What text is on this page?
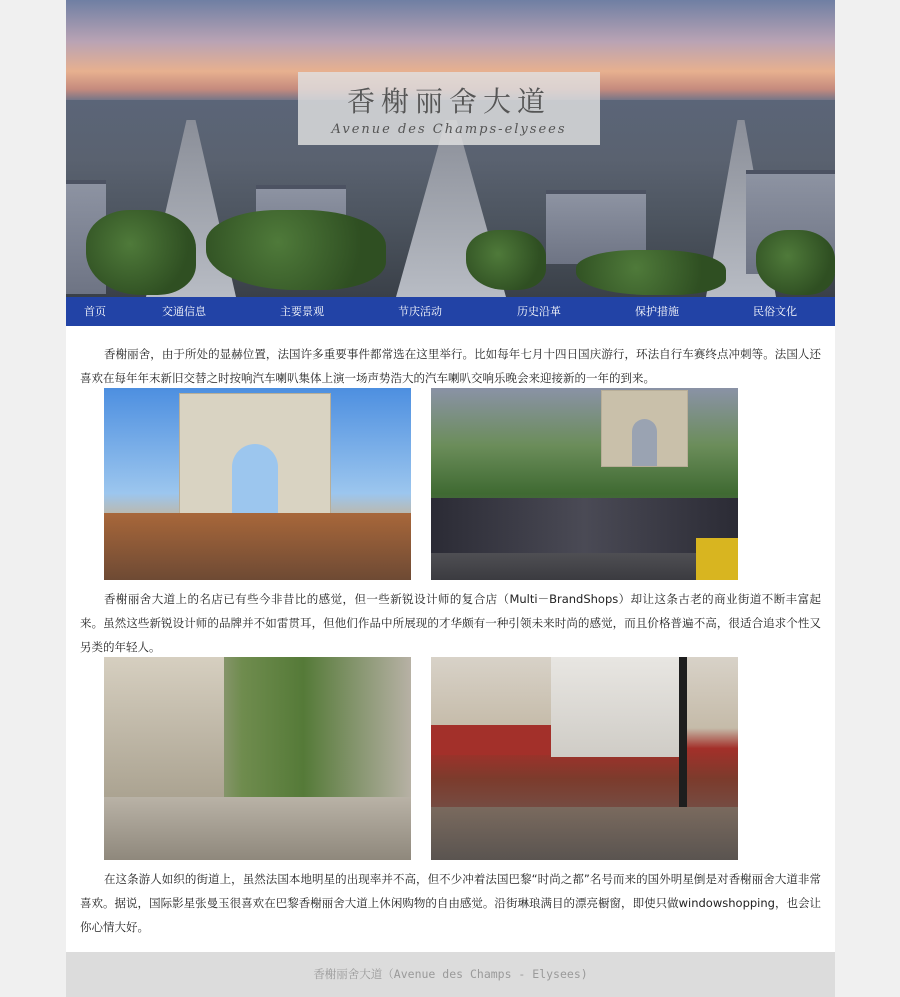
香榭丽舍大道
Avenue des Champs-elysees
首页	交通信息	主要景观	节庆活动	历史沿革	保护措施	民俗文化

香榭丽舍，由于所处的显赫位置，法国许多重要事件都常选在这里举行。比如每年七月十四日国庆游行，环法自行车赛终点冲刺等。法国人还喜欢在每年年末新旧交替之时按响汽车喇叭集体上演一场声势浩大的汽车喇叭交响乐晚会来迎接新的一年的到来。

香榭丽舍大道上的名店已有些今非昔比的感觉，但一些新锐设计师的复合店（Multi－BrandShops）却让这条古老的商业街道不断丰富起来。虽然这些新锐设计师的品牌并不如雷贯耳，但他们作品中所展现的才华颇有一种引领未来时尚的感觉，而且价格普遍不高，很适合追求个性又另类的年轻人。

在这条游人如织的街道上，虽然法国本地明星的出现率并不高，但不少冲着法国巴黎“时尚之都”名号而来的国外明星倒是对香榭丽舍大道非常喜欢。据说，国际影星张曼玉很喜欢在巴黎香榭丽舍大道上休闲购物的自由感觉。沿街琳琅满目的漂亮橱窗，即使只做windowshopping，也会让你心情大好。

香榭丽舍大道（Avenue des Champs - Elysees)
